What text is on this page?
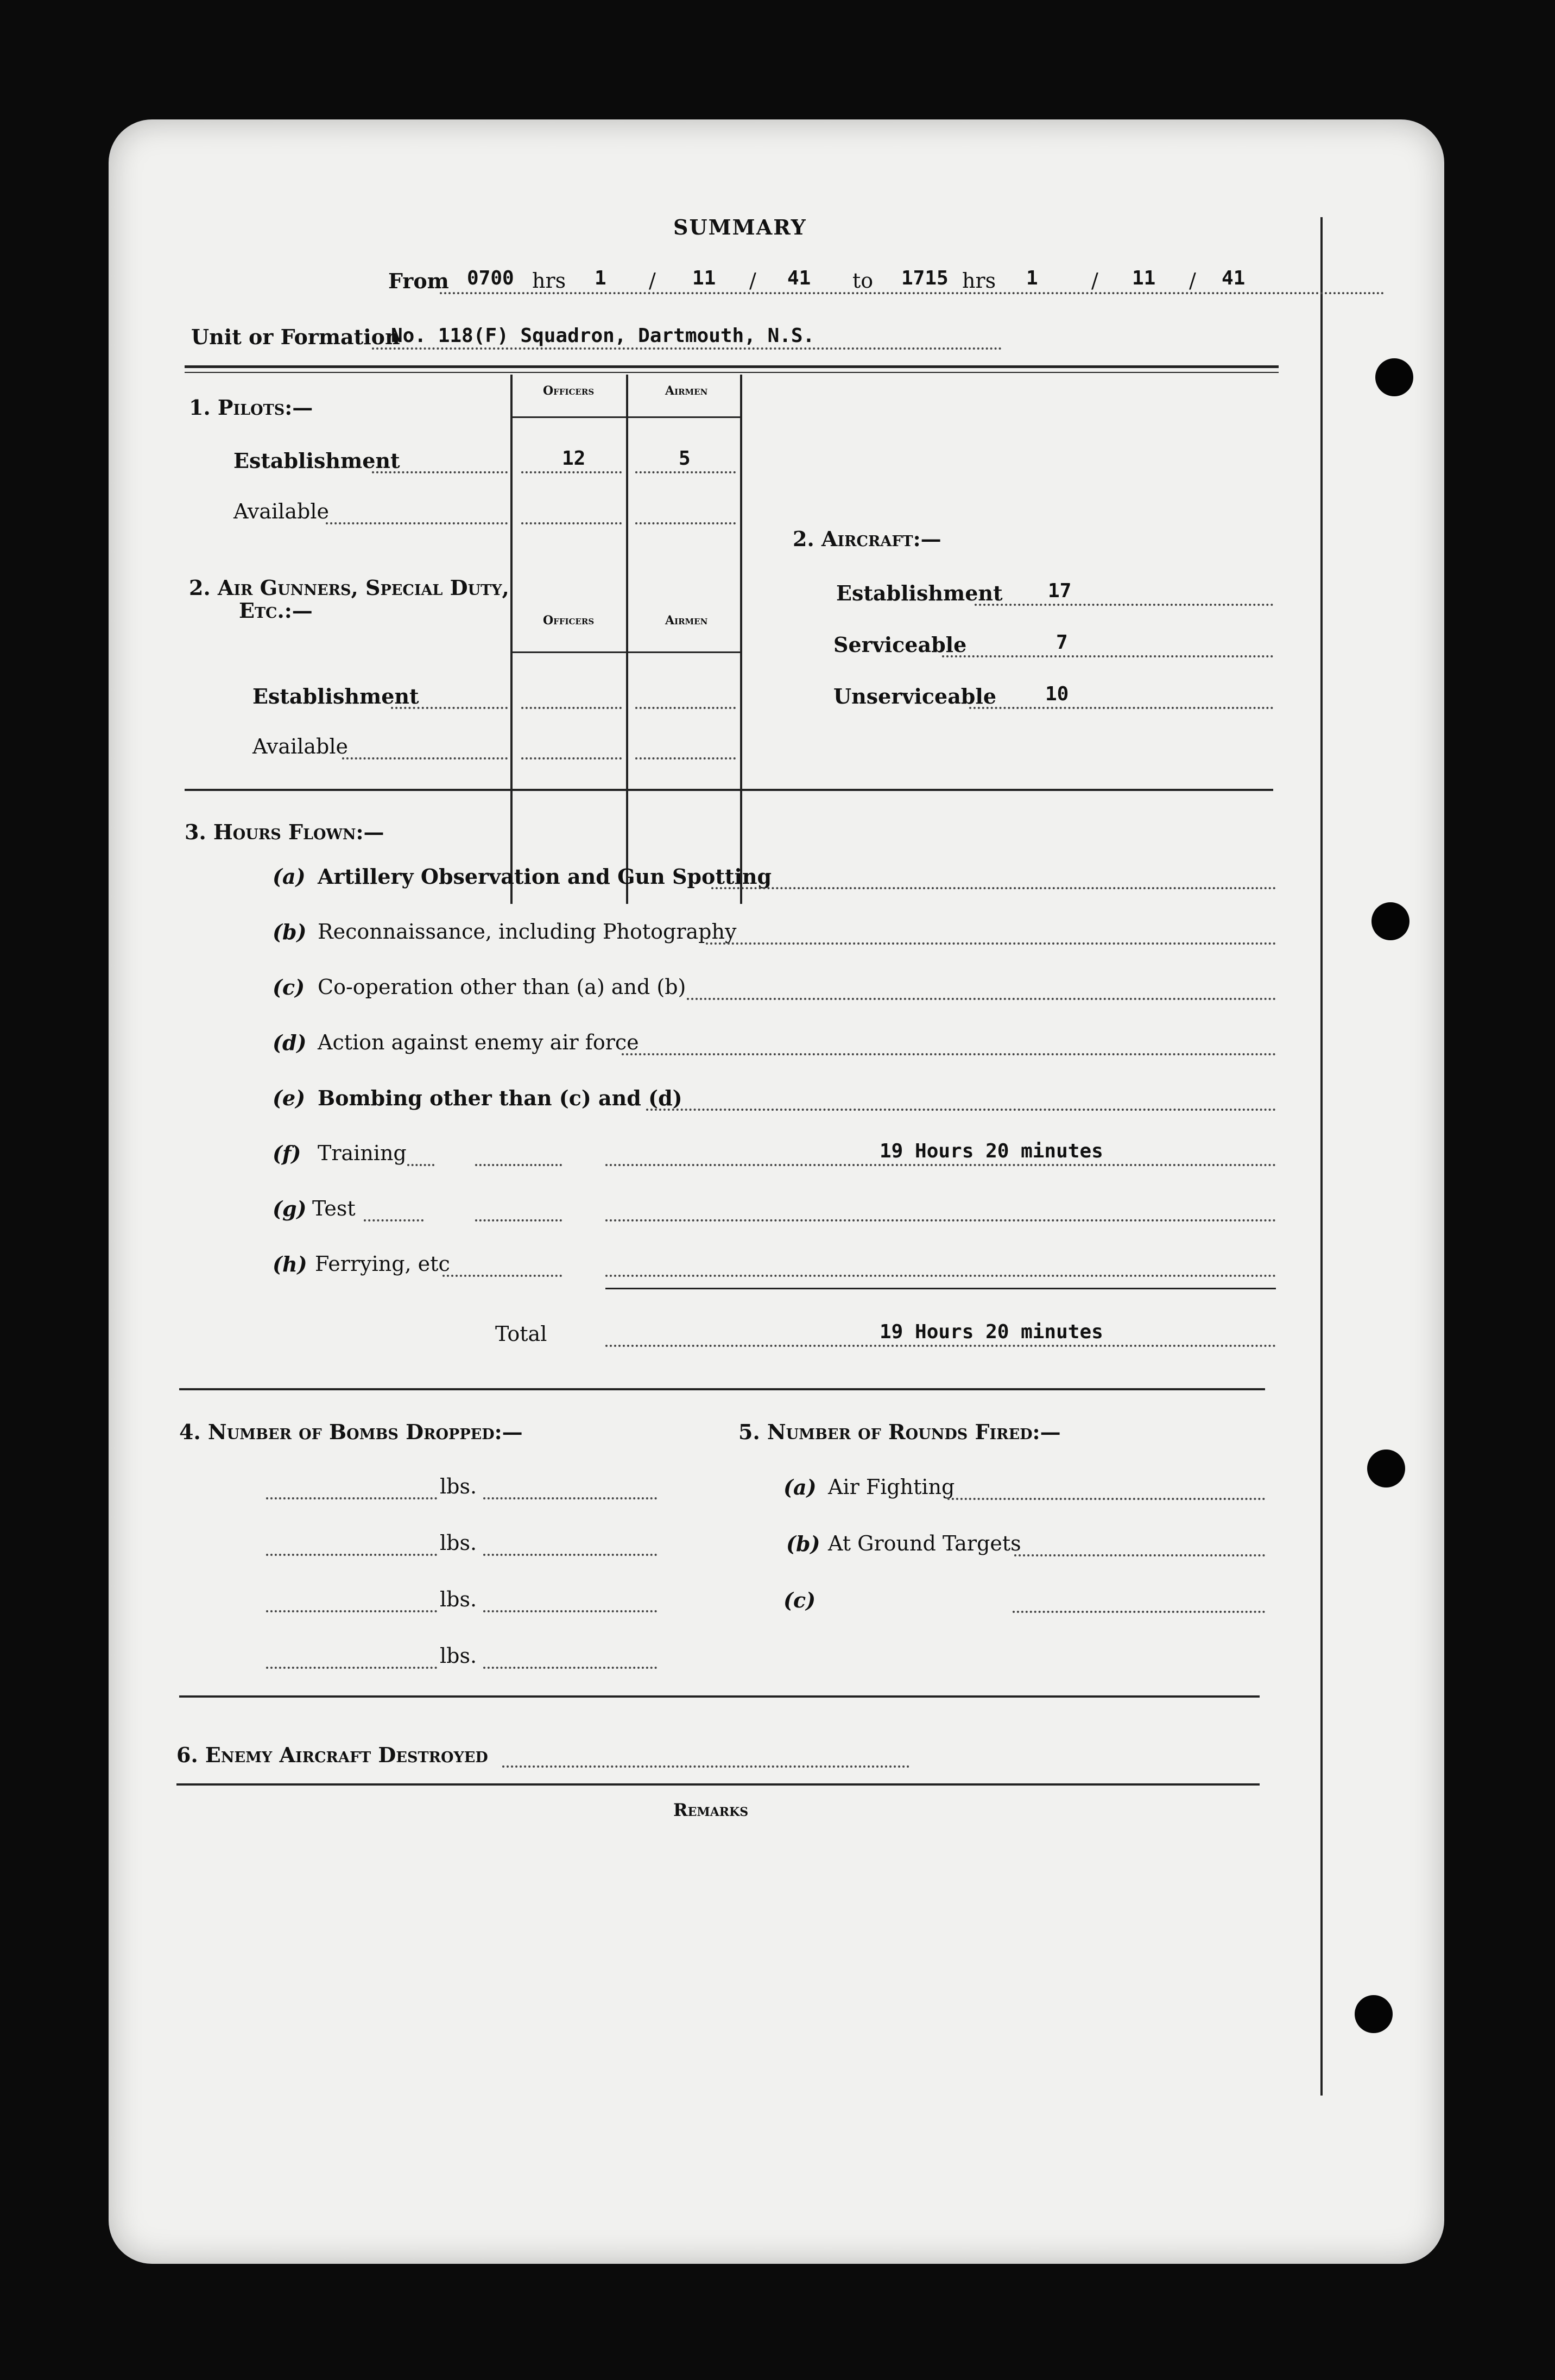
SUMMARY
From 0700 hrs 1 / 11 / 41 to 1715 hrs 1	/ 11 / 41
Unit or Formation
No. 118(F) Squadron, Dartmouth, N.S.
Officers	Airmen
1. Pilots:—
Establishment	12	5
Available
2. Air Gunners, Special Duty,
Etc.:—	Officers	Airmen
Establishment
Available
2. Aircraft:—
Establishment 17
Serviceable	7
Unserviceable	10
3. Hours Flown:—
(a) Artillery Observation and Gun Spotting
(b) Reconnaissance, including Photography
(c) Co-operation other than (a) and (b)
(d) Action against enemy air force
(e) Bombing other than (c) and (d)
(f) Training	19 Hours 20 minutes
(g) Test
(h) Ferrying, etc
Total	19 Hours 20 minutes
4. Number of Bombs Dropped:—
lbs.
lbs.
lbs.
lbs.
5. Number of Rounds Fired:—
(a) Air Fighting
(b) At Ground Targets
(c)
6. Enemy Aircraft Destroyed
Remarks
